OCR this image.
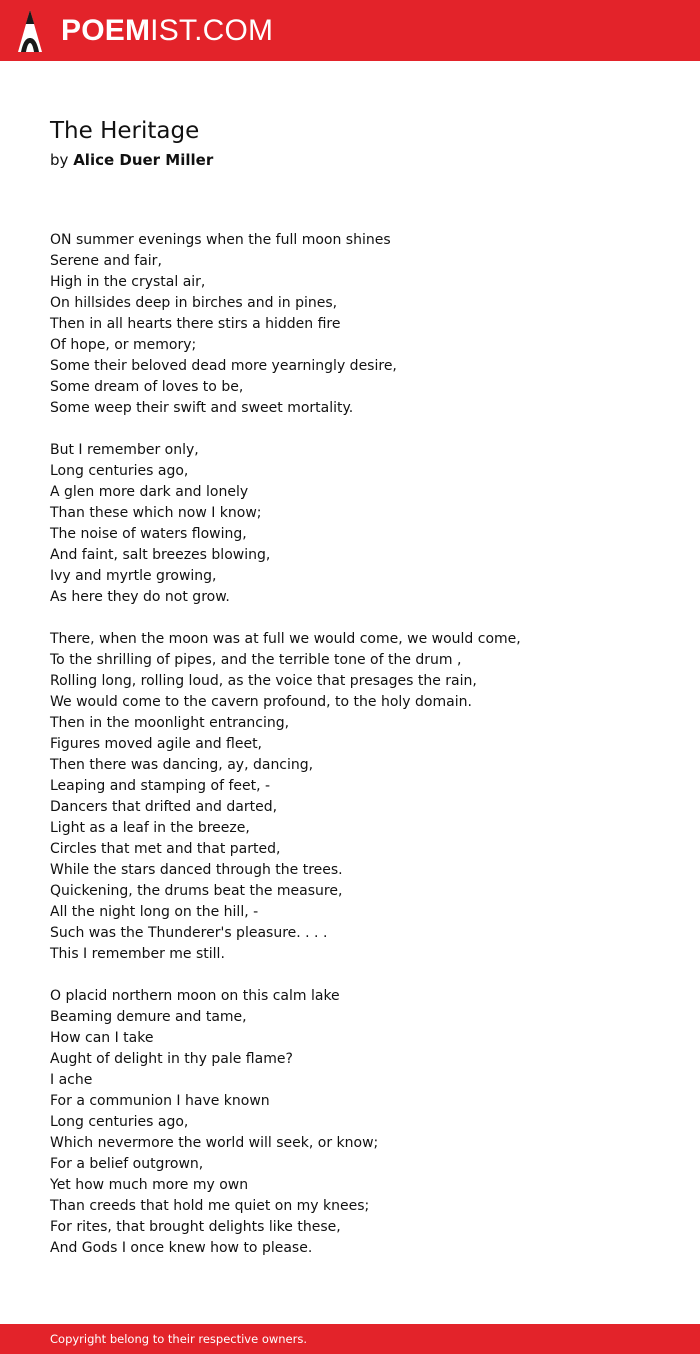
POEMIST.COM
The Heritage

by Alice Duer Miller

ON summer evenings when the full moon shines
Serene and fair,
High in the crystal air,
On hillsides deep in birches and in pines,
Then in all hearts there stirs a hidden fire
Of hope, or memory;
Some their beloved dead more yearningly desire,
Some dream of loves to be,
Some weep their swift and sweet mortality.

But I remember only,
Long centuries ago,
A glen more dark and lonely
Than these which now I know;
The noise of waters flowing,
And faint, salt breezes blowing,
Ivy and myrtle growing,
As here they do not grow.

There, when the moon was at full we would come, we would come,
To the shrilling of pipes, and the terrible tone of the drum ,
Rolling long, rolling loud, as the voice that presages the rain,
We would come to the cavern profound, to the holy domain.
Then in the moonlight entrancing,
Figures moved agile and fleet,
Then there was dancing, ay, dancing,
Leaping and stamping of feet, -
Dancers that drifted and darted,
Light as a leaf in the breeze,
Circles that met and that parted,
While the stars danced through the trees.
Quickening, the drums beat the measure,
All the night long on the hill, -
Such was the Thunderer's pleasure. . . .
This I remember me still.

O placid northern moon on this calm lake
Beaming demure and tame,
How can I take
Aught of delight in thy pale flame?
I ache
For a communion I have known
Long centuries ago,
Which nevermore the world will seek, or know;
For a belief outgrown,
Yet how much more my own
Than creeds that hold me quiet on my knees;
For rites, that brought delights like these,
And Gods I once knew how to please.

Copyright belong to their respective owners.
